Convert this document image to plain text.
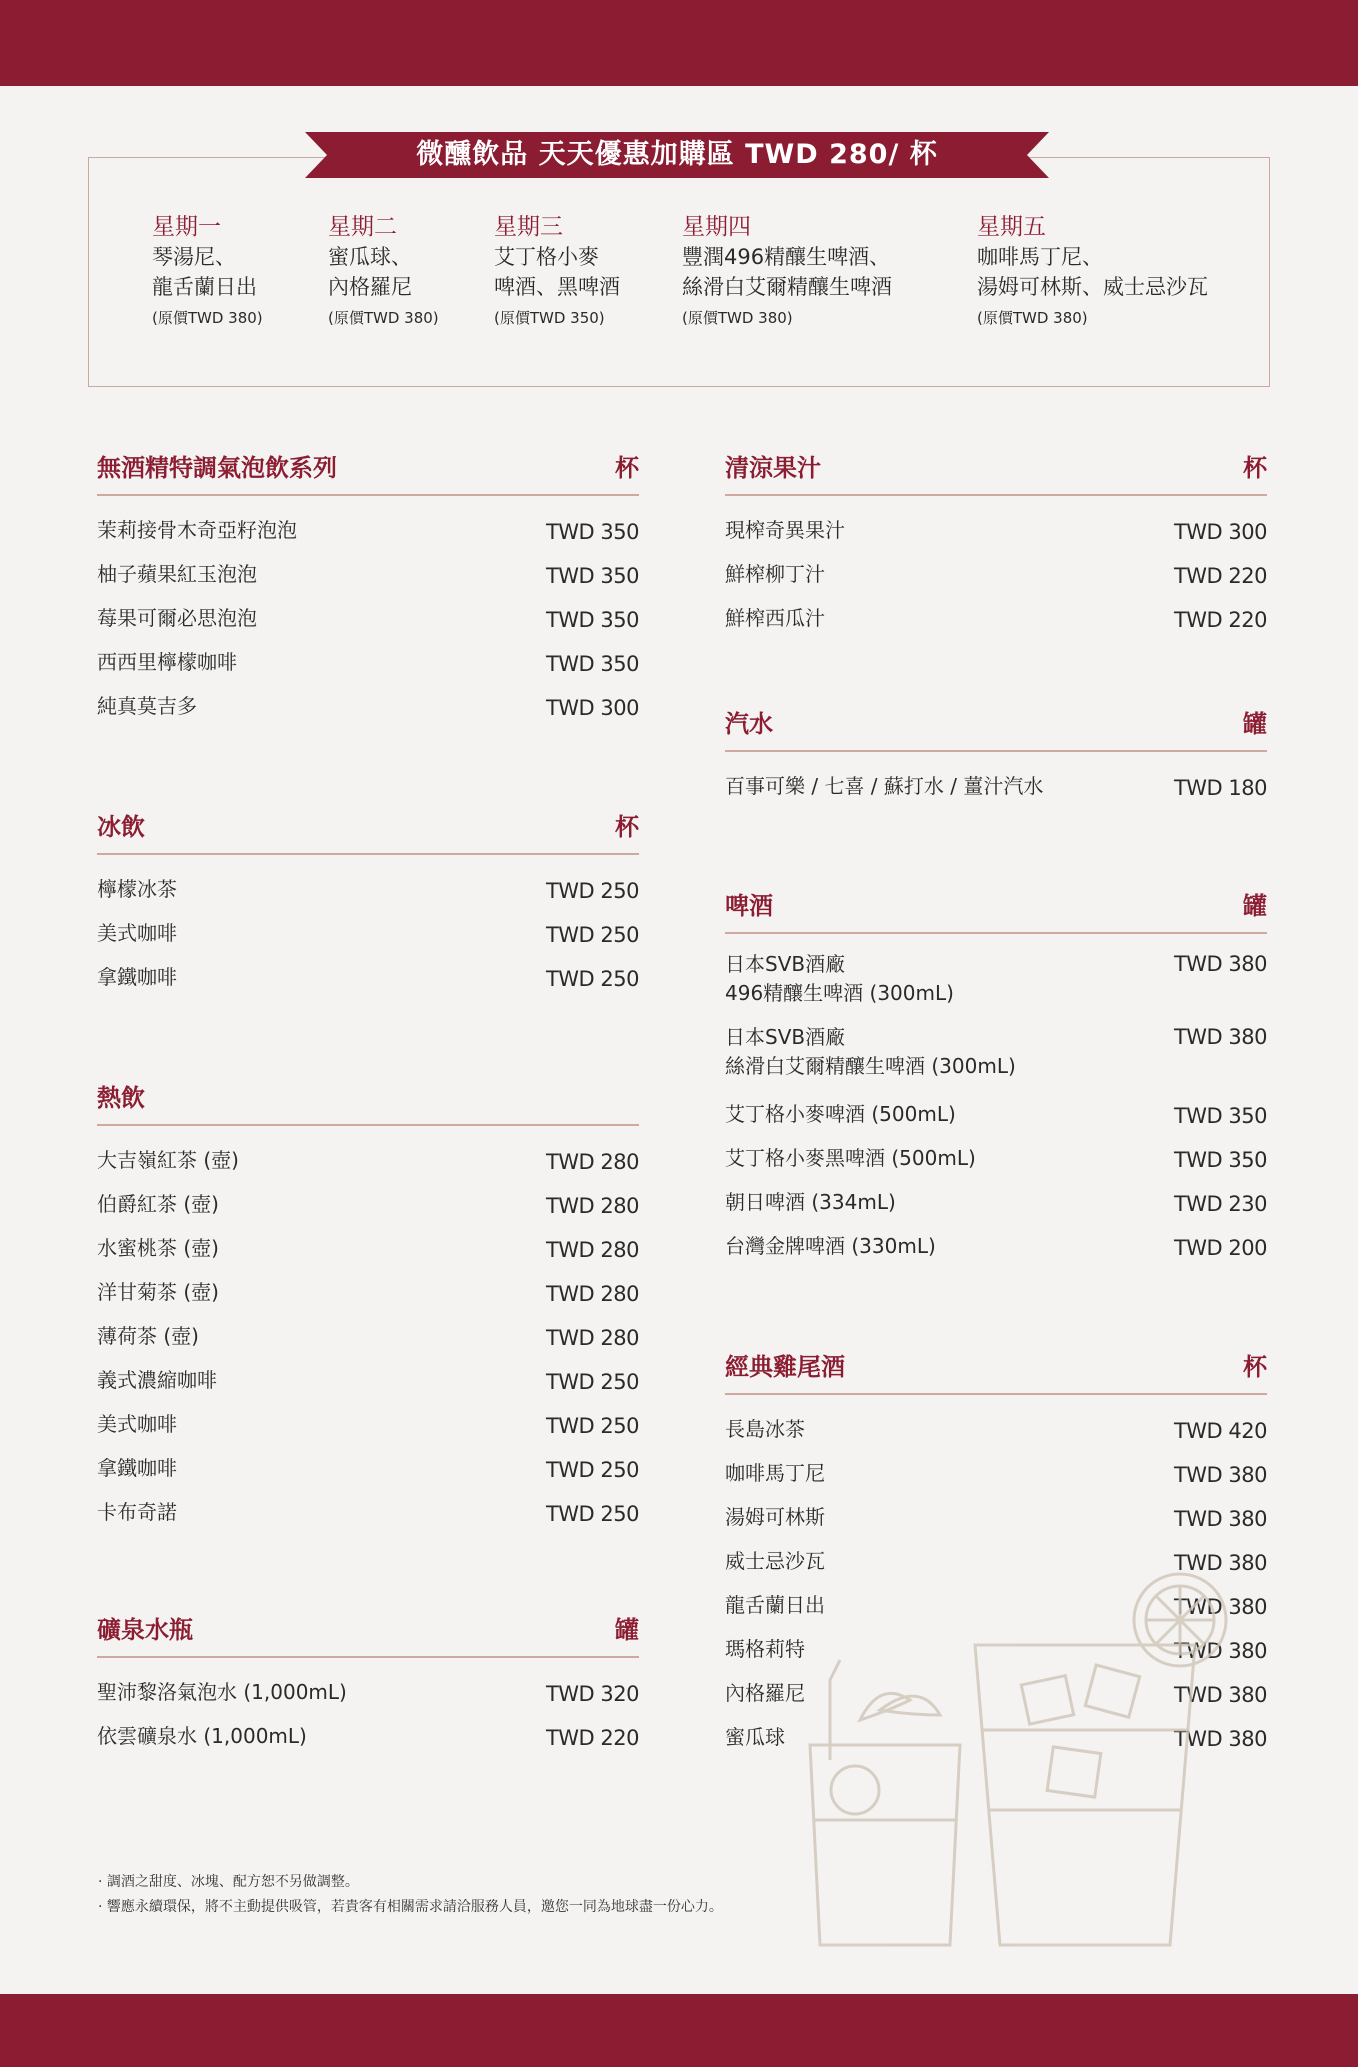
微醺飲品 天天優惠加購區 TWD 280/ 杯
星期一
琴湯尼、
龍舌蘭日出
(原價TWD 380)
星期二
蜜瓜球、
內格羅尼
(原價TWD 380)
星期三
艾丁格小麥
啤酒、黑啤酒
(原價TWD 350)
星期四
豐潤496精釀生啤酒、
絲滑白艾爾精釀生啤酒
(原價TWD 380)
星期五
咖啡馬丁尼、
湯姆可林斯、威士忌沙瓦
(原價TWD 380)
無酒精特調氣泡飲系列	杯
茉莉接骨木奇亞籽泡泡	TWD 350
柚子蘋果紅玉泡泡	TWD 350
莓果可爾必思泡泡	TWD 350
西西里檸檬咖啡	TWD 350
純真莫吉多	TWD 300
冰飲	杯
檸檬冰茶	TWD 250
美式咖啡	TWD 250
拿鐵咖啡	TWD 250
熱飲
大吉嶺紅茶 (壺)	TWD 280
伯爵紅茶 (壺)	TWD 280
水蜜桃茶 (壺)	TWD 280
洋甘菊茶 (壺)	TWD 280
薄荷茶 (壺)	TWD 280
義式濃縮咖啡	TWD 250
美式咖啡	TWD 250
拿鐵咖啡	TWD 250
卡布奇諾	TWD 250
礦泉水瓶	罐
聖沛黎洛氣泡水 (1,000mL)	TWD 320
依雲礦泉水 (1,000mL)	TWD 220
清涼果汁	杯
現榨奇異果汁	TWD 300
鮮榨柳丁汁	TWD 220
鮮榨西瓜汁	TWD 220
汽水	罐
百事可樂 / 七喜 / 蘇打水 / 薑汁汽水	TWD 180
啤酒	罐
日本SVB酒廠
496精釀生啤酒 (300mL)
TWD 380
日本SVB酒廠
絲滑白艾爾精釀生啤酒 (300mL)
TWD 380
艾丁格小麥啤酒 (500mL)	TWD 350
艾丁格小麥黑啤酒 (500mL)	TWD 350
朝日啤酒 (334mL)	TWD 230
台灣金牌啤酒 (330mL)	TWD 200
經典雞尾酒	杯
長島冰茶	TWD 420
咖啡馬丁尼	TWD 380
湯姆可林斯	TWD 380
威士忌沙瓦	TWD 380
龍舌蘭日出	TWD 380
瑪格莉特	TWD 380
內格羅尼	TWD 380
蜜瓜球	TWD 380
· 調酒之甜度、冰塊、配方恕不另做調整。
· 響應永續環保，將不主動提供吸管，若貴客有相關需求請洽服務人員，邀您一同為地球盡一份心力。
